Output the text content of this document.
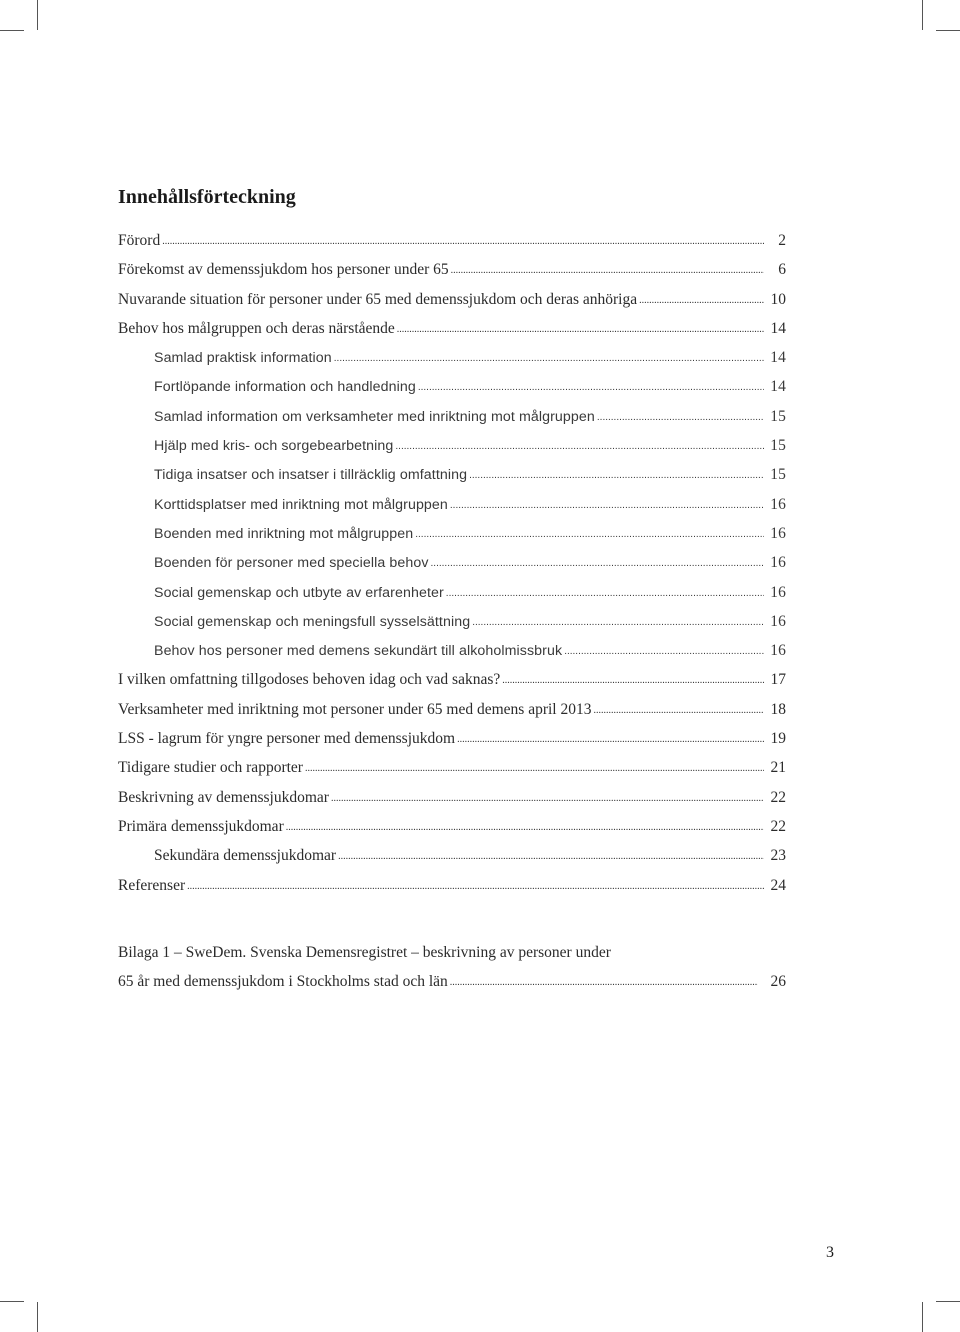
Innehållsförteckning
Förord .....	2
Förekomst av demenssjukdom hos personer under 65 .....	6
Nuvarande situation för personer under 65 med demenssjukdom och deras anhöriga .....	10
Behov hos målgruppen och deras närstående .....	14
Samlad praktisk information .....	14
Fortlöpande information och handledning .....	14
Samlad information om verksamheter med inriktning mot målgruppen .....	15
Hjälp med kris- och sorgebearbetning .....	15
Tidiga insatser och insatser i tillräcklig omfattning .....	15
Korttidsplatser med inriktning mot målgruppen .....	16
Boenden med inriktning mot målgruppen .....	16
Boenden för personer med speciella behov .....	16
Social gemenskap och utbyte av erfarenheter .....	16
Social gemenskap och meningsfull sysselsättning .....	16
Behov hos personer med demens sekundärt till alkoholmissbruk .....	16
I vilken omfattning tillgodoses behoven idag och vad saknas? .....	17
Verksamheter med inriktning mot personer under 65 med demens april 2013 .....	18
LSS - lagrum för yngre personer med demenssjukdom .....	19
Tidigare studier och rapporter .....	21
Beskrivning av demenssjukdomar .....	22
Primära demenssjukdomar .....	22
Sekundära demenssjukdomar .....	23
Referenser .....	24
Bilaga 1 – SweDem. Svenska Demensregistret – beskrivning av personer under
65 år med demenssjukdom i Stockholms stad och län .....	26
3
